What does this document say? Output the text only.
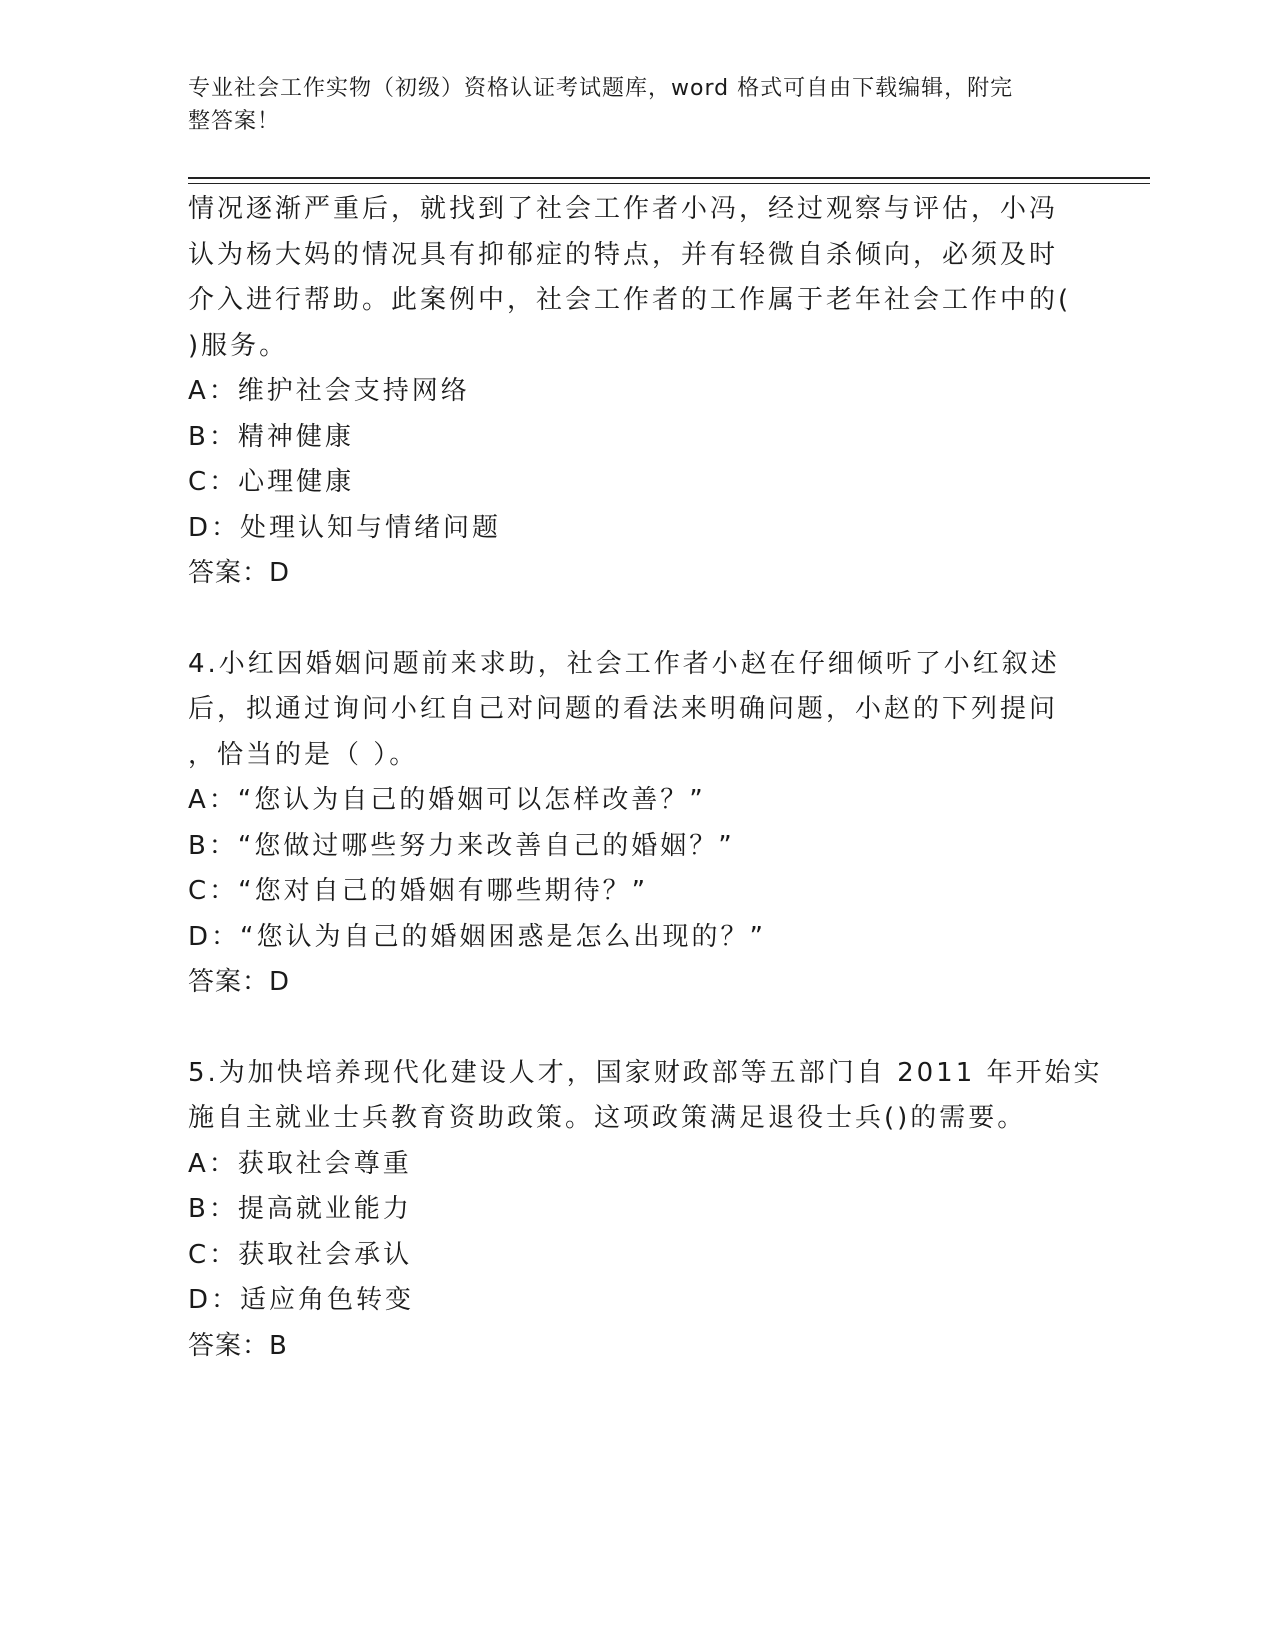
专业社会工作实物（初级）资格认证考试题库，word 格式可自由下载编辑，附完
整答案！
情况逐渐严重后，就找到了社会工作者小冯，经过观察与评估，小冯
认为杨大妈的情况具有抑郁症的特点，并有轻微自杀倾向，必须及时
介入进行帮助。此案例中，社会工作者的工作属于老年社会工作中的(
)服务。
A：维护社会支持网络
B：精神健康
C：心理健康
D：处理认知与情绪问题
答案：D
4.小红因婚姻问题前来求助，社会工作者小赵在仔细倾听了小红叙述
后，拟通过询问小红自己对问题的看法来明确问题，小赵的下列提问
，恰当的是（ ）。
A：“您认为自己的婚姻可以怎样改善？”
B：“您做过哪些努力来改善自己的婚姻？”
C：“您对自己的婚姻有哪些期待？”
D：“您认为自己的婚姻困惑是怎么出现的？”
答案：D
5.为加快培养现代化建设人才，国家财政部等五部门自 2011 年开始实
施自主就业士兵教育资助政策。这项政策满足退役士兵()的需要。
A：获取社会尊重
B：提高就业能力
C：获取社会承认
D：适应角色转变
答案：B
